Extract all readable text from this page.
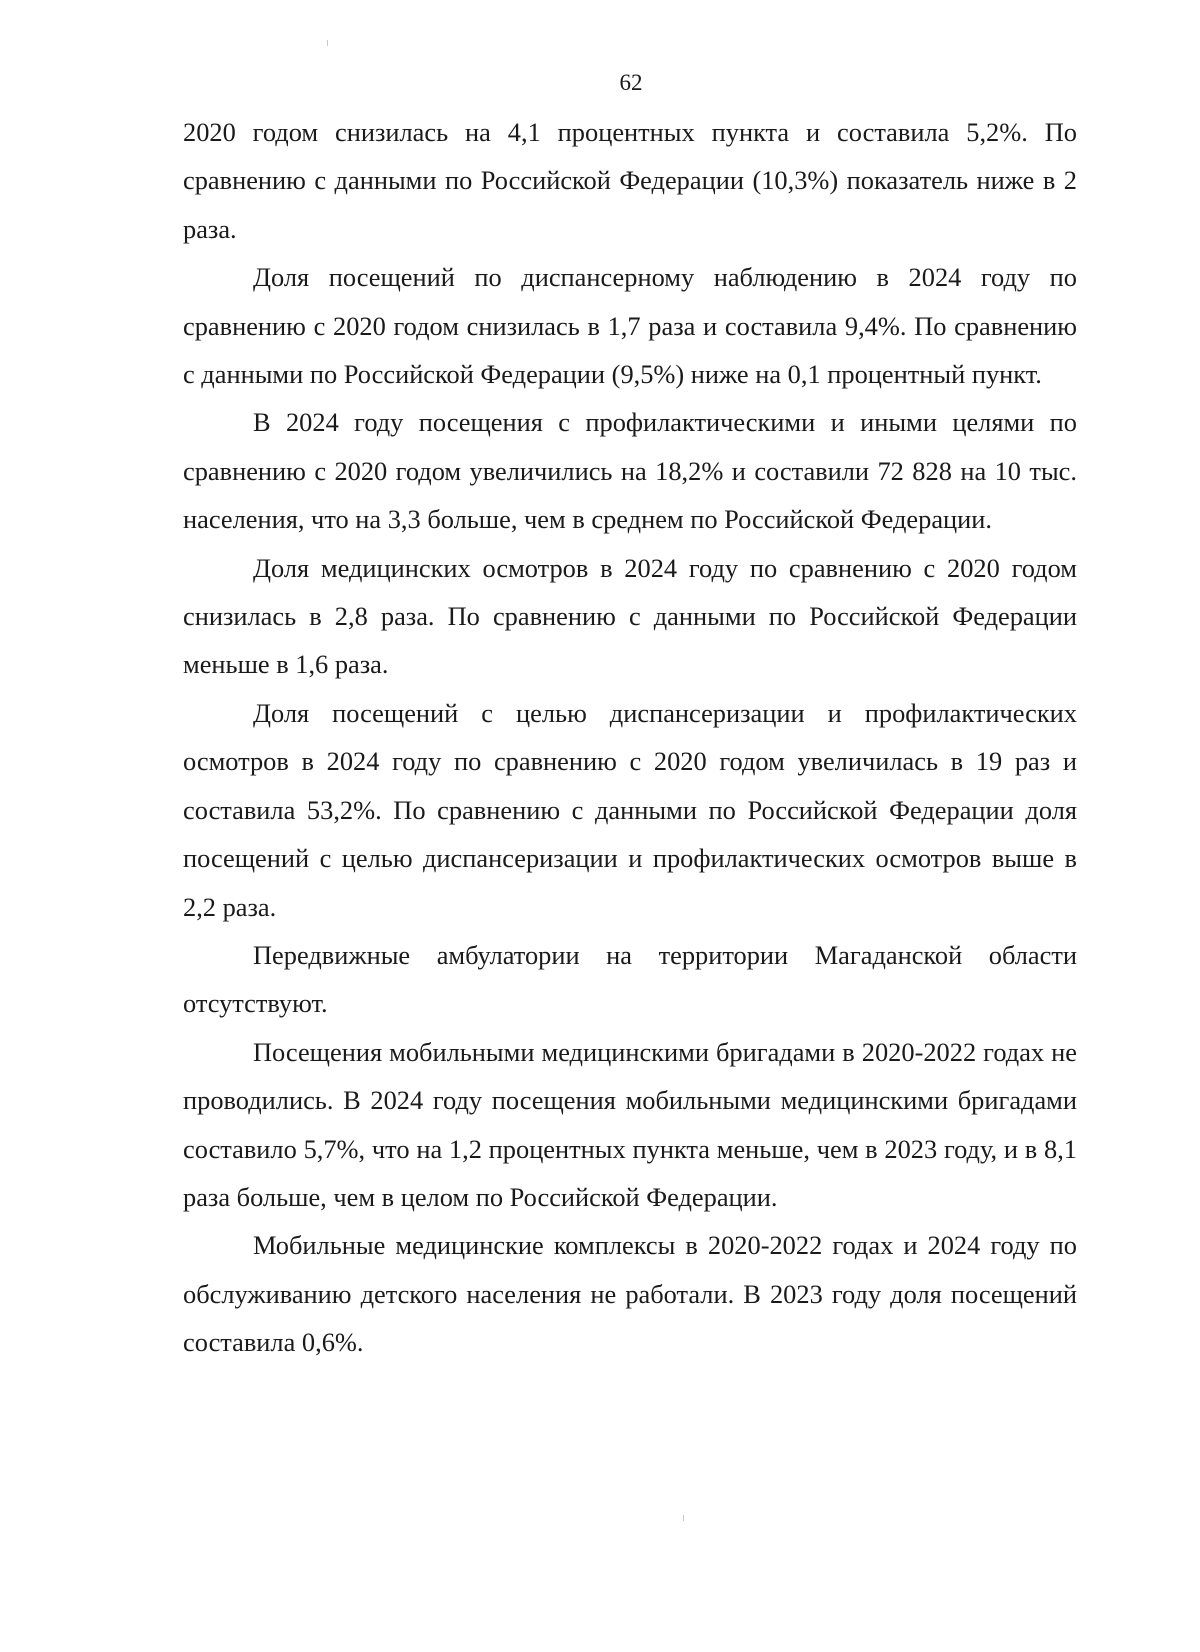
62

2020 годом снизилась на 4,1 процентных пункта и составила 5,2%. По сравнению с данными по Российской Федерации (10,3%) показатель ниже в 2 раза.

Доля посещений по диспансерному наблюдению в 2024 году по сравнению с 2020 годом снизилась в 1,7 раза и составила 9,4%. По сравнению с данными по Российской Федерации (9,5%) ниже на 0,1 процентный пункт.

В 2024 году посещения с профилактическими и иными целями по сравнению с 2020 годом увеличились на 18,2% и составили 72 828 на 10 тыс. населения, что на 3,3 больше, чем в среднем по Российской Федерации.

Доля медицинских осмотров в 2024 году по сравнению с 2020 годом снизилась в 2,8 раза. По сравнению с данными по Российской Федерации меньше в 1,6 раза.

Доля посещений с целью диспансеризации и профилактических осмотров в 2024 году по сравнению с 2020 годом увеличилась в 19 раз и составила 53,2%. По сравнению с данными по Российской Федерации доля посещений с целью диспансеризации и профилактических осмотров выше в 2,2 раза.

Передвижные амбулатории на территории Магаданской области отсутствуют.

Посещения мобильными медицинскими бригадами в 2020-2022 годах не проводились. В 2024 году посещения мобильными медицинскими бригадами составило 5,7%, что на 1,2 процентных пункта меньше, чем в 2023 году, и в 8,1 раза больше, чем в целом по Российской Федерации.

Мобильные медицинские комплексы в 2020-2022 годах и 2024 году по обслуживанию детского населения не работали. В 2023 году доля посещений составила 0,6%.
